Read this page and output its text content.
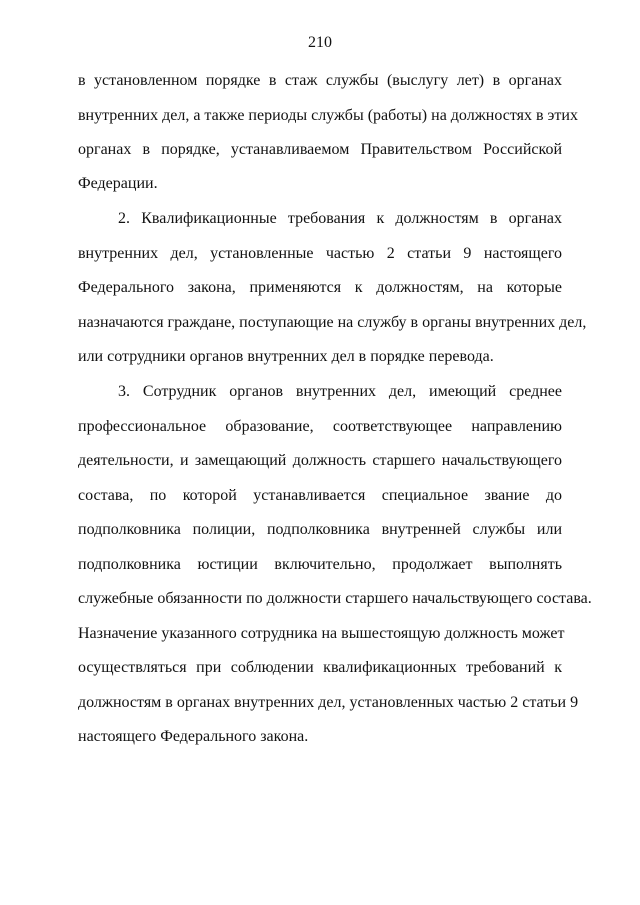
210
в установленном порядке в стаж службы (выслугу лет) в органах
внутренних дел, а также периоды службы (работы) на должностях в этих
органах в порядке, устанавливаемом Правительством Российской
Федерации.
2. Квалификационные требования к должностям в органах
внутренних дел, установленные частью 2 статьи 9 настоящего
Федерального закона, применяются к должностям, на которые
назначаются граждане, поступающие на службу в органы внутренних дел,
или сотрудники органов внутренних дел в порядке перевода.
3. Сотрудник органов внутренних дел, имеющий среднее
профессиональное образование, соответствующее направлению
деятельности, и замещающий должность старшего начальствующего
состава, по которой устанавливается специальное звание до
подполковника полиции, подполковника внутренней службы или
подполковника юстиции включительно, продолжает выполнять
служебные обязанности по должности старшего начальствующего состава.
Назначение указанного сотрудника на вышестоящую должность может
осуществляться при соблюдении квалификационных требований к
должностям в органах внутренних дел, установленных частью 2 статьи 9
настоящего Федерального закона.
